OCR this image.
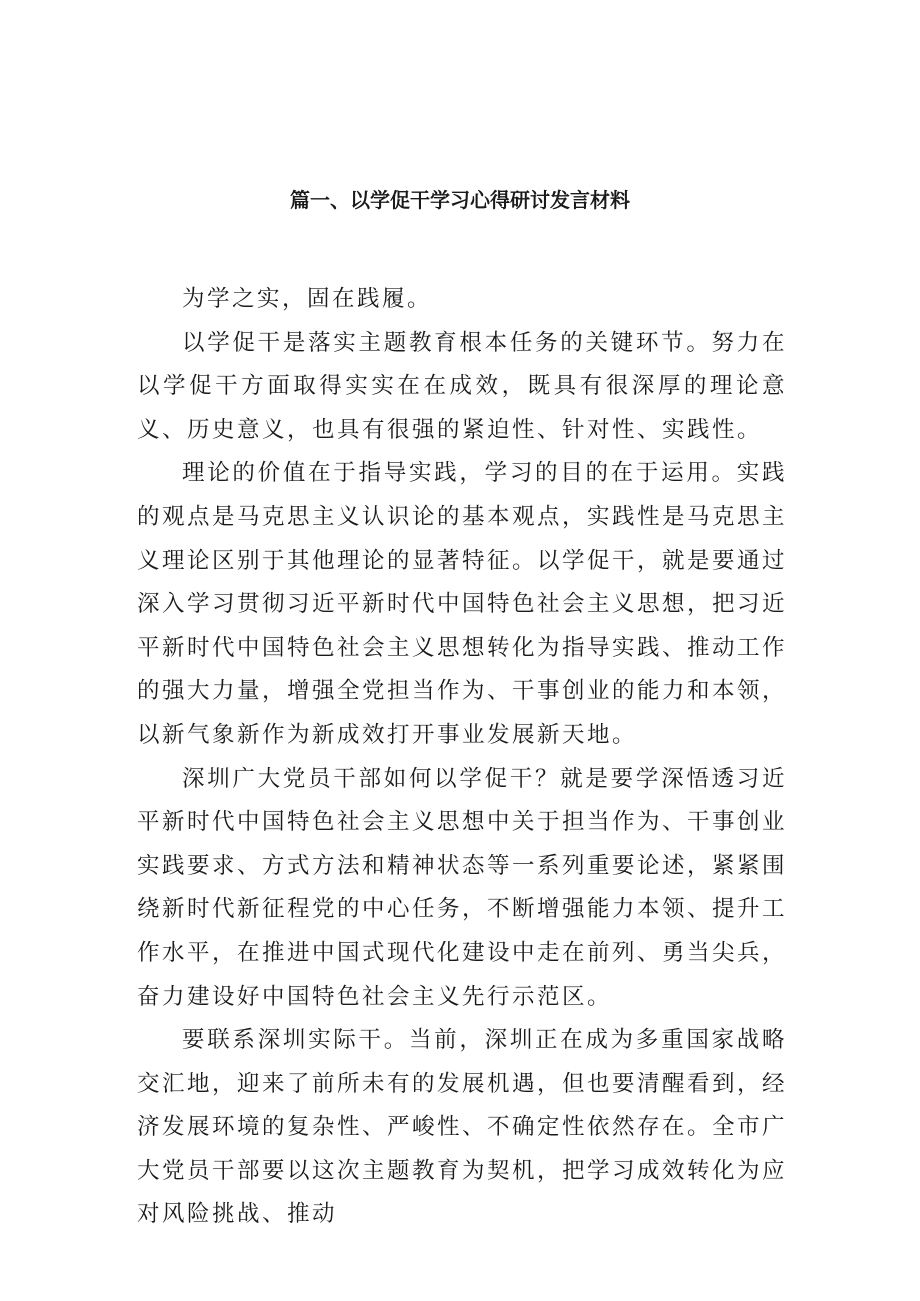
篇一、以学促干学习心得研讨发言材料

为学之实，固在践履。

以学促干是落实主题教育根本任务的关键环节。努力在以学促干方面取得实实在在成效，既具有很深厚的理论意义、历史意义，也具有很强的紧迫性、针对性、实践性。

理论的价值在于指导实践，学习的目的在于运用。实践的观点是马克思主义认识论的基本观点，实践性是马克思主义理论区别于其他理论的显著特征。以学促干，就是要通过深入学习贯彻习近平新时代中国特色社会主义思想，把习近平新时代中国特色社会主义思想转化为指导实践、推动工作的强大力量，增强全党担当作为、干事创业的能力和本领，以新气象新作为新成效打开事业发展新天地。

深圳广大党员干部如何以学促干？就是要学深悟透习近平新时代中国特色社会主义思想中关于担当作为、干事创业实践要求、方式方法和精神状态等一系列重要论述，紧紧围绕新时代新征程党的中心任务，不断增强能力本领、提升工作水平，在推进中国式现代化建设中走在前列、勇当尖兵，奋力建设好中国特色社会主义先行示范区。

要联系深圳实际干。当前，深圳正在成为多重国家战略交汇地，迎来了前所未有的发展机遇，但也要清醒看到，经济发展环境的复杂性、严峻性、不确定性依然存在。全市广大党员干部要以这次主题教育为契机，把学习成效转化为应对风险挑战、推动
